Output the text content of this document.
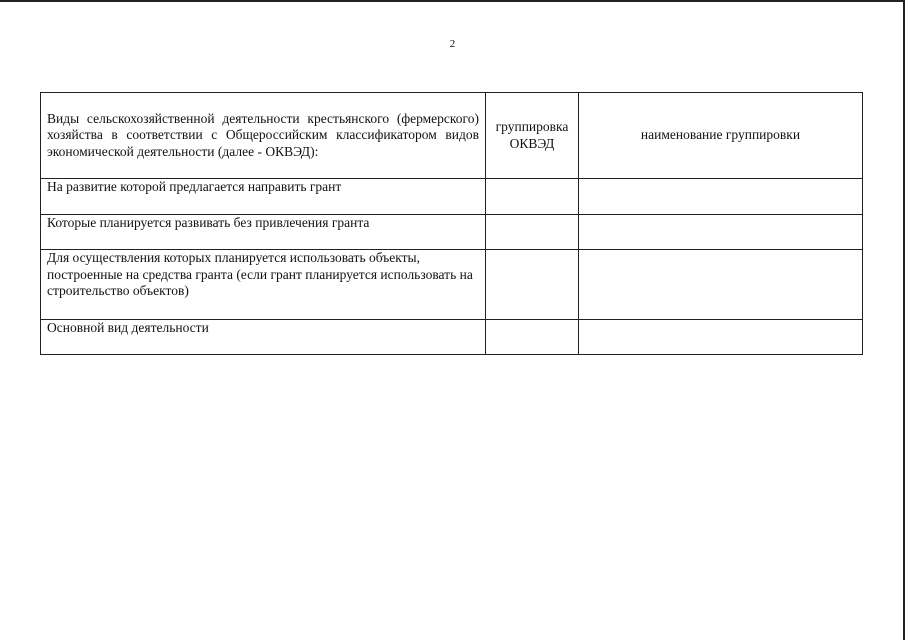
2
Виды сельскохозяйственной деятельности крестьянского (фермерского) хозяйства в соответствии с Общероссийским классификатором видов экономической деятельности (далее - ОКВЭД):	группировка ОКВЭД	наименование группировки
На развитие которой предлагается направить грант		
Которые планируется развивать без привлечения гранта		
Для осуществления которых планируется использовать объекты, построенные на средства гранта (если грант планируется использовать на строительство объектов)		
Основной вид деятельности		
